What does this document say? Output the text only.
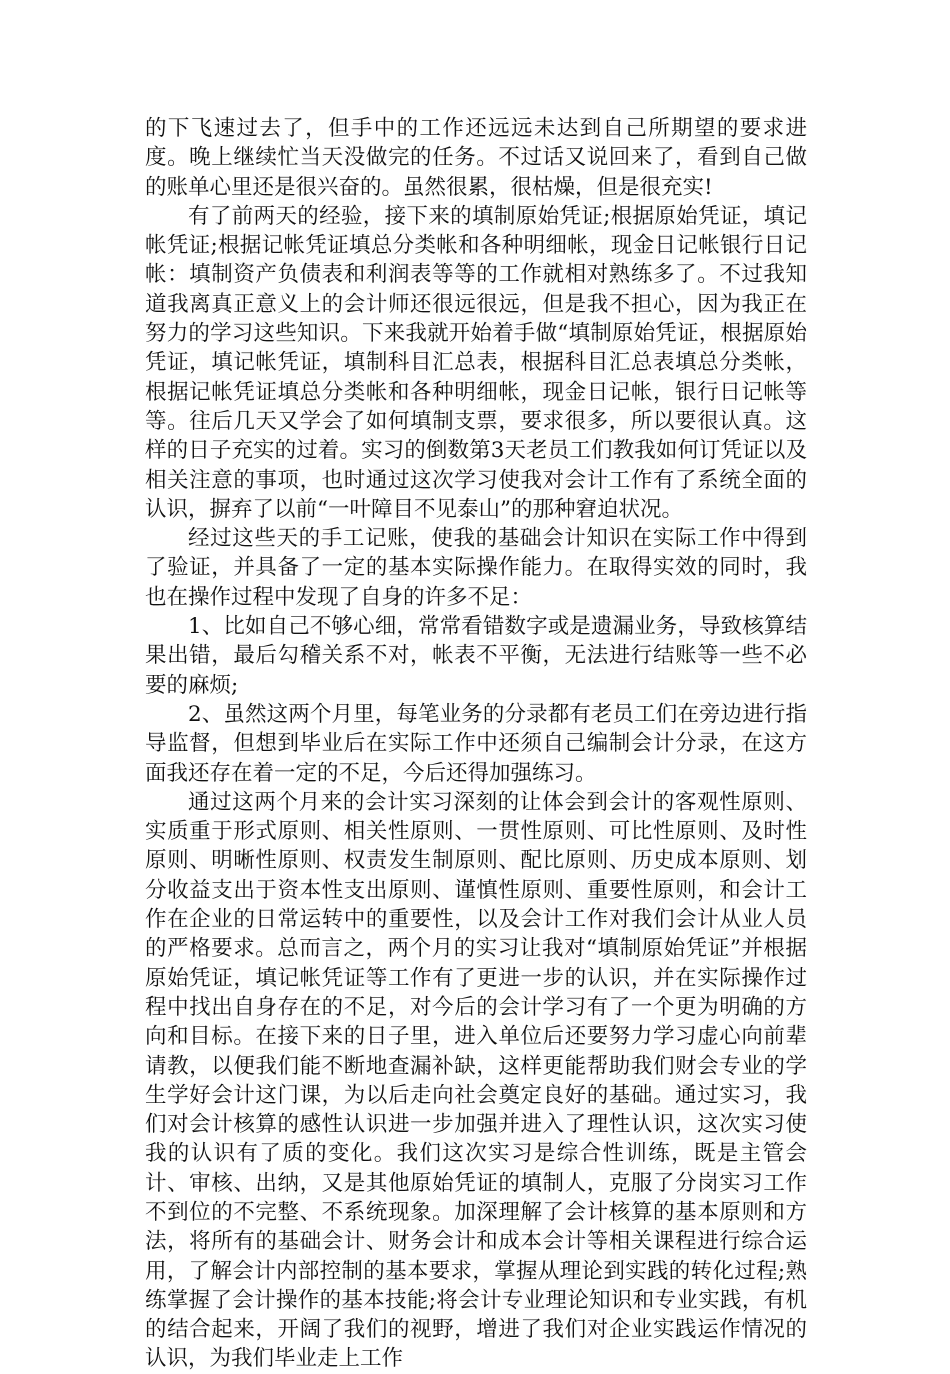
的下飞速过去了，但手中的工作还远远未达到自己所期望的要求进度。晚上继续忙当天没做完的任务。不过话又说回来了，看到自己做的账单心里还是很兴奋的。虽然很累，很枯燥，但是很充实!

有了前两天的经验，接下来的填制原始凭证;根据原始凭证，填记帐凭证;根据记帐凭证填总分类帐和各种明细帐，现金日记帐银行日记帐：填制资产负债表和利润表等等的工作就相对熟练多了。不过我知道我离真正意义上的会计师还很远很远，但是我不担心，因为我正在努力的学习这些知识。下来我就开始着手做“填制原始凭证，根据原始凭证，填记帐凭证，填制科目汇总表，根据科目汇总表填总分类帐，根据记帐凭证填总分类帐和各种明细帐，现金日记帐，银行日记帐等等。往后几天又学会了如何填制支票，要求很多，所以要很认真。这样的日子充实的过着。实习的倒数第3天老员工们教我如何订凭证以及相关注意的事项，也时通过这次学习使我对会计工作有了系统全面的认识，摒弃了以前“一叶障目不见泰山”的那种窘迫状况。

经过这些天的手工记账，使我的基础会计知识在实际工作中得到了验证，并具备了一定的基本实际操作能力。在取得实效的同时，我也在操作过程中发现了自身的许多不足：

1、比如自己不够心细，常常看错数字或是遗漏业务，导致核算结果出错，最后勾稽关系不对，帐表不平衡，无法进行结账等一些不必要的麻烦;

2、虽然这两个月里，每笔业务的分录都有老员工们在旁边进行指导监督，但想到毕业后在实际工作中还须自己编制会计分录，在这方面我还存在着一定的不足，今后还得加强练习。

通过这两个月来的会计实习深刻的让体会到会计的客观性原则、实质重于形式原则、相关性原则、一贯性原则、可比性原则、及时性原则、明晰性原则、权责发生制原则、配比原则、历史成本原则、划分收益支出于资本性支出原则、谨慎性原则、重要性原则，和会计工作在企业的日常运转中的重要性，以及会计工作对我们会计从业人员的严格要求。总而言之，两个月的实习让我对“填制原始凭证”并根据原始凭证，填记帐凭证等工作有了更进一步的认识，并在实际操作过程中找出自身存在的不足，对今后的会计学习有了一个更为明确的方向和目标。在接下来的日子里，进入单位后还要努力学习虚心向前辈请教，以便我们能不断地查漏补缺，这样更能帮助我们财会专业的学生学好会计这门课，为以后走向社会奠定良好的基础。通过实习，我们对会计核算的感性认识进一步加强并进入了理性认识，这次实习使我的认识有了质的变化。我们这次实习是综合性训练，既是主管会计、审核、出纳，又是其他原始凭证的填制人，克服了分岗实习工作不到位的不完整、不系统现象。加深理解了会计核算的基本原则和方法，将所有的基础会计、财务会计和成本会计等相关课程进行综合运用，了解会计内部控制的基本要求，掌握从理论到实践的转化过程;熟练掌握了会计操作的基本技能;将会计专业理论知识和专业实践，有机的结合起来，开阔了我们的视野，增进了我们对企业实践运作情况的认识，为我们毕业走上工作
